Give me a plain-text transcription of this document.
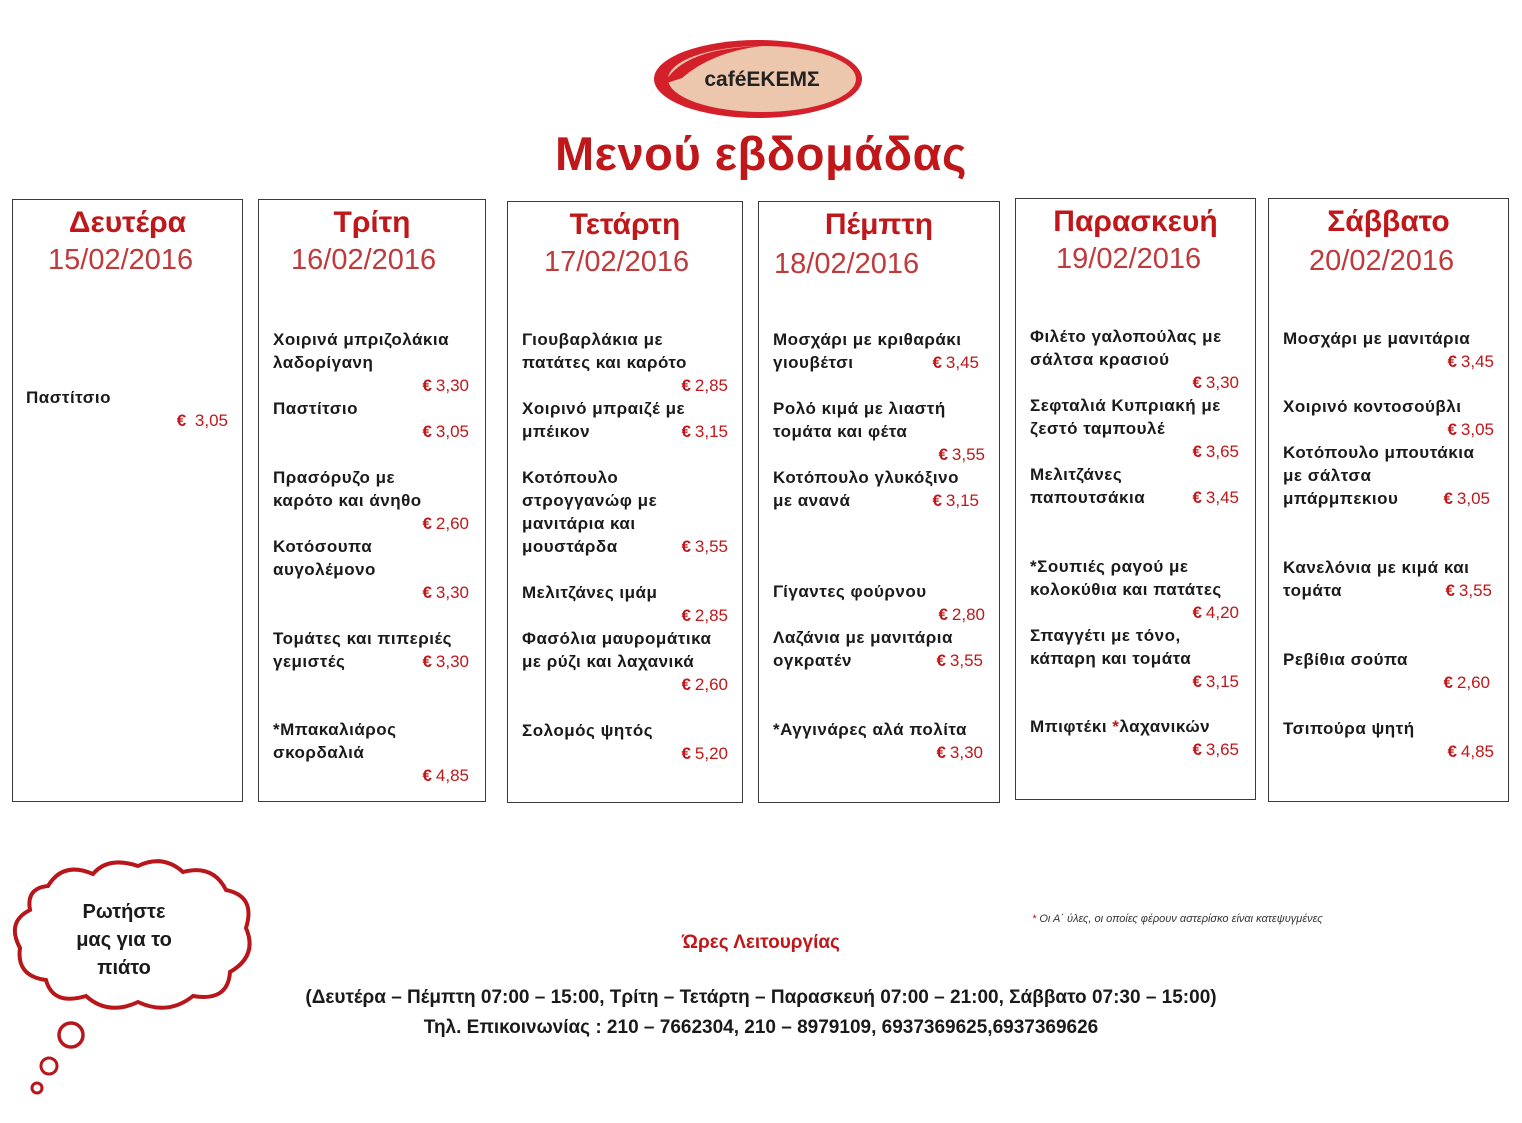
caféΕΚΕΜΣ
Μενού εβδομάδας
Δευτέρα
15/02/2016
Παστίτσιο
€ 3,05
Τρίτη
16/02/2016
Χοιρινά μπριζολάκια
λαδορίγανη
€ 3,30
Παστίτσιο
€ 3,05
Πρασόρυζο με
καρότο και άνηθο
€ 2,60
Κοτόσουπα
αυγολέμονο
€ 3,30
Τομάτες και πιπεριές
γεμιστές	€ 3,30
*Μπακαλιάρος
σκορδαλιά
€ 4,85
Τετάρτη
17/02/2016
Γιουβαρλάκια με
πατάτες και καρότο
€ 2,85
Χοιρινό μπραιζέ με
μπέικον	€ 3,15
Κοτόπουλο
στρογγανώφ με
μανιτάρια και
μουστάρδα	€ 3,55
Μελιτζάνες ιμάμ
€ 2,85
Φασόλια μαυρομάτικα
με ρύζι και λαχανικά
€ 2,60
Σολομός ψητός
€ 5,20
Πέμπτη
18/02/2016
Μοσχάρι με κριθαράκι
γιουβέτσι	€ 3,45
Ρολό κιμά με λιαστή
τομάτα και φέτα
€ 3,55
Κοτόπουλο γλυκόξινο
με ανανά	€ 3,15
Γίγαντες φούρνου
€ 2,80
Λαζάνια με μανιτάρια
ογκρατέν	€ 3,55
*Αγγινάρες αλά πολίτα
€ 3,30
Παρασκευή
19/02/2016
Φιλέτο γαλοπούλας με
σάλτσα κρασιού
€ 3,30
Σεφταλιά Κυπριακή με
ζεστό ταμπουλέ
€ 3,65
Μελιτζάνες
παπουτσάκια	€ 3,45
*Σουπιές ραγού με
κολοκύθια και πατάτες
€ 4,20
Σπαγγέτι με τόνο,
κάπαρη και τομάτα
€ 3,15
Μπιφτέκι *λαχανικών
€ 3,65
Σάββατο
20/02/2016
Μοσχάρι με μανιτάρια
€ 3,45
Χοιρινό κοντοσούβλι
€ 3,05
Κοτόπουλο μπουτάκια
με σάλτσα
μπάρμπεκιου	€ 3,05
Κανελόνια με κιμά και
τομάτα	€ 3,55
Ρεβίθια σούπα
€ 2,60
Τσιπούρα ψητή
€ 4,85
Ρωτήστε
μας για το
πιάτο
* Οι Α΄ ύλες, οι οποίες φέρουν αστερίσκο είναι κατεψυγμένες
Ώρες Λειτουργίας
(Δευτέρα – Πέμπτη 07:00 – 15:00, Τρίτη – Τετάρτη – Παρασκευή 07:00 – 21:00, Σάββατο 07:30 – 15:00)
Τηλ. Επικοινωνίας : 210 – 7662304, 210 – 8979109, 6937369625,6937369626
